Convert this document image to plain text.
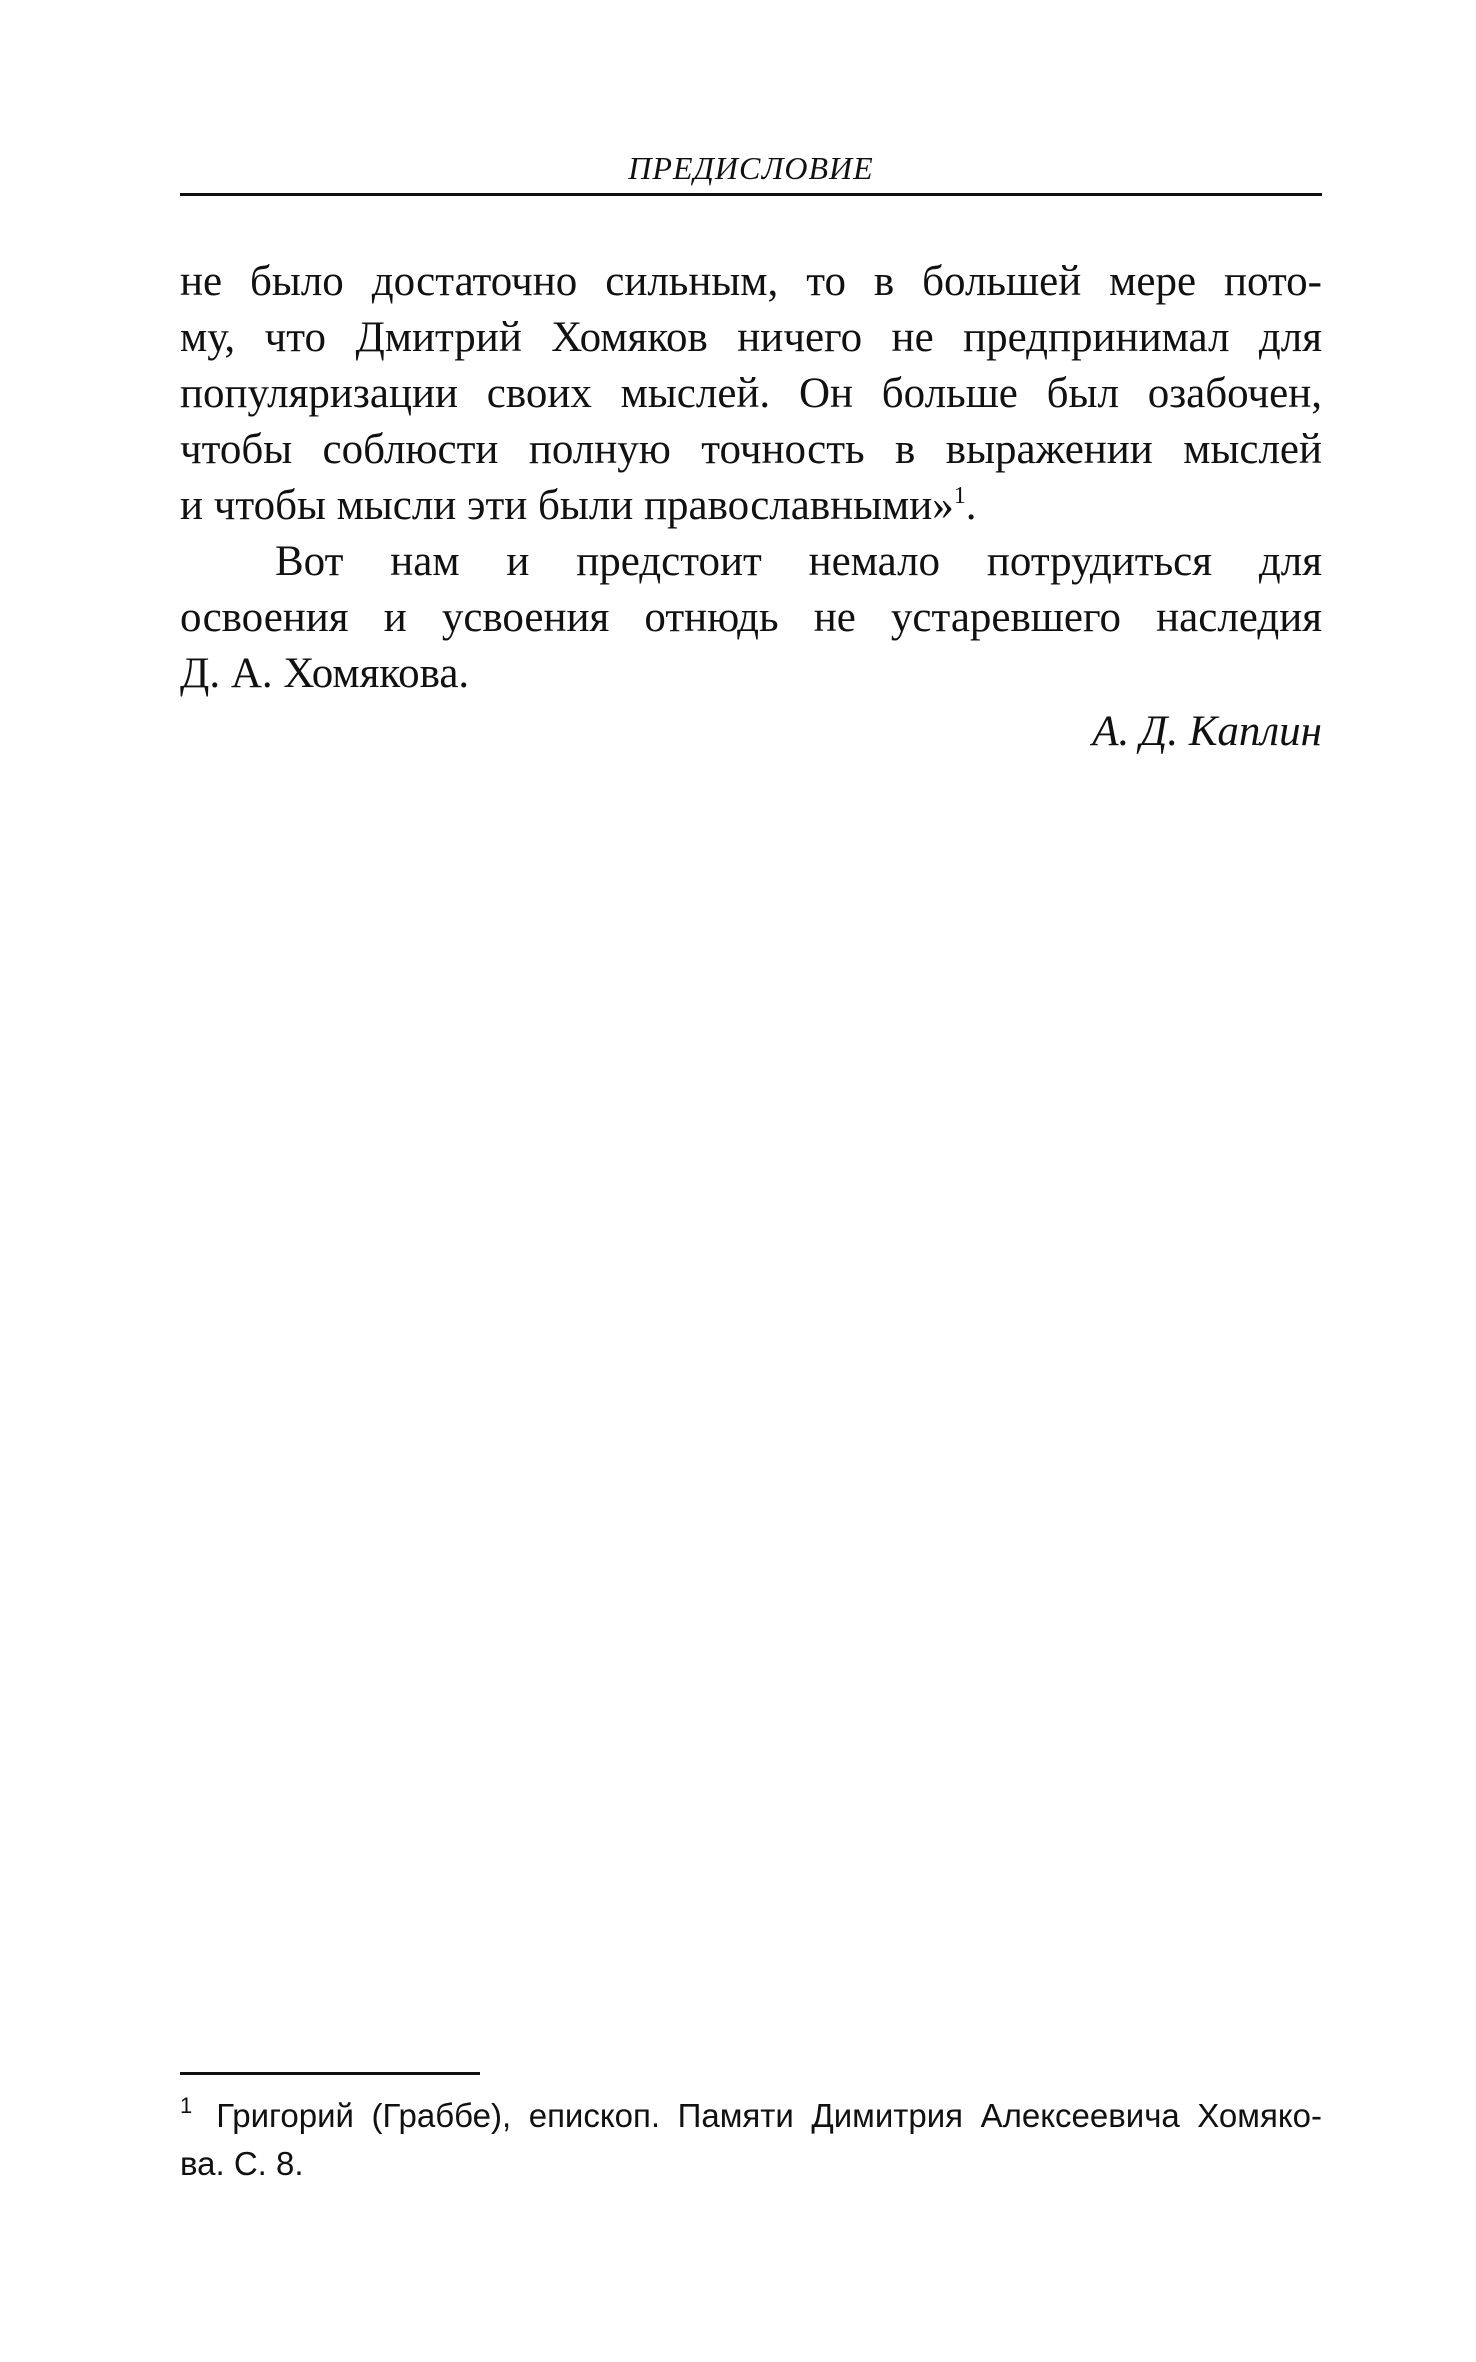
ПРЕДИСЛОВИЕ
не было достаточно сильным, то в большей мере пото-
му, что Дмитрий Хомяков ничего не предпринимал для
популяризации своих мыслей. Он больше был озабочен,
чтобы соблюсти полную точность в выражении мыслей
и чтобы мысли эти были православными»$^1$.
Вот нам и предстоит немало потрудиться для
освоения и усвоения отнюдь не устаревшего наследия
Д. А. Хомякова.
А. Д. Каплин
$^1$ Григорий (Граббе), епископ. Памяти Димитрия Алексеевича Хомяко-
ва. С. 8.
